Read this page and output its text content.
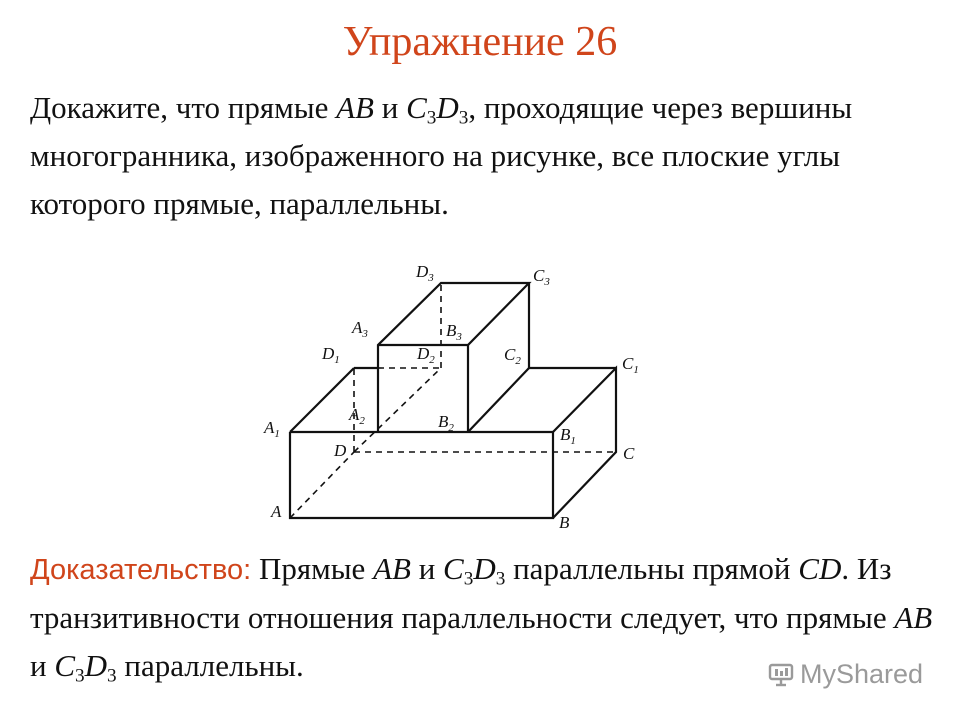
Упражнение 26

Докажите, что прямые AB и $C_3D_3$, проходящие через вершины многогранника, изображенного на рисунке, все плоские углы которого прямые, параллельны.

$D_3$	$C_3$
$A_3$	$B_3$
$D_1$	$D_2$	$C_2$	$C_1$
$A_2$	$B_2$
$A_1$	$B_1$
D	C
A
B

Доказательство: Прямые AB и $C_3D_3$ параллельны прямой CD. Из транзитивности отношения параллельности следует, что прямые AB и $C_3D_3$ параллельны.	MyShared
